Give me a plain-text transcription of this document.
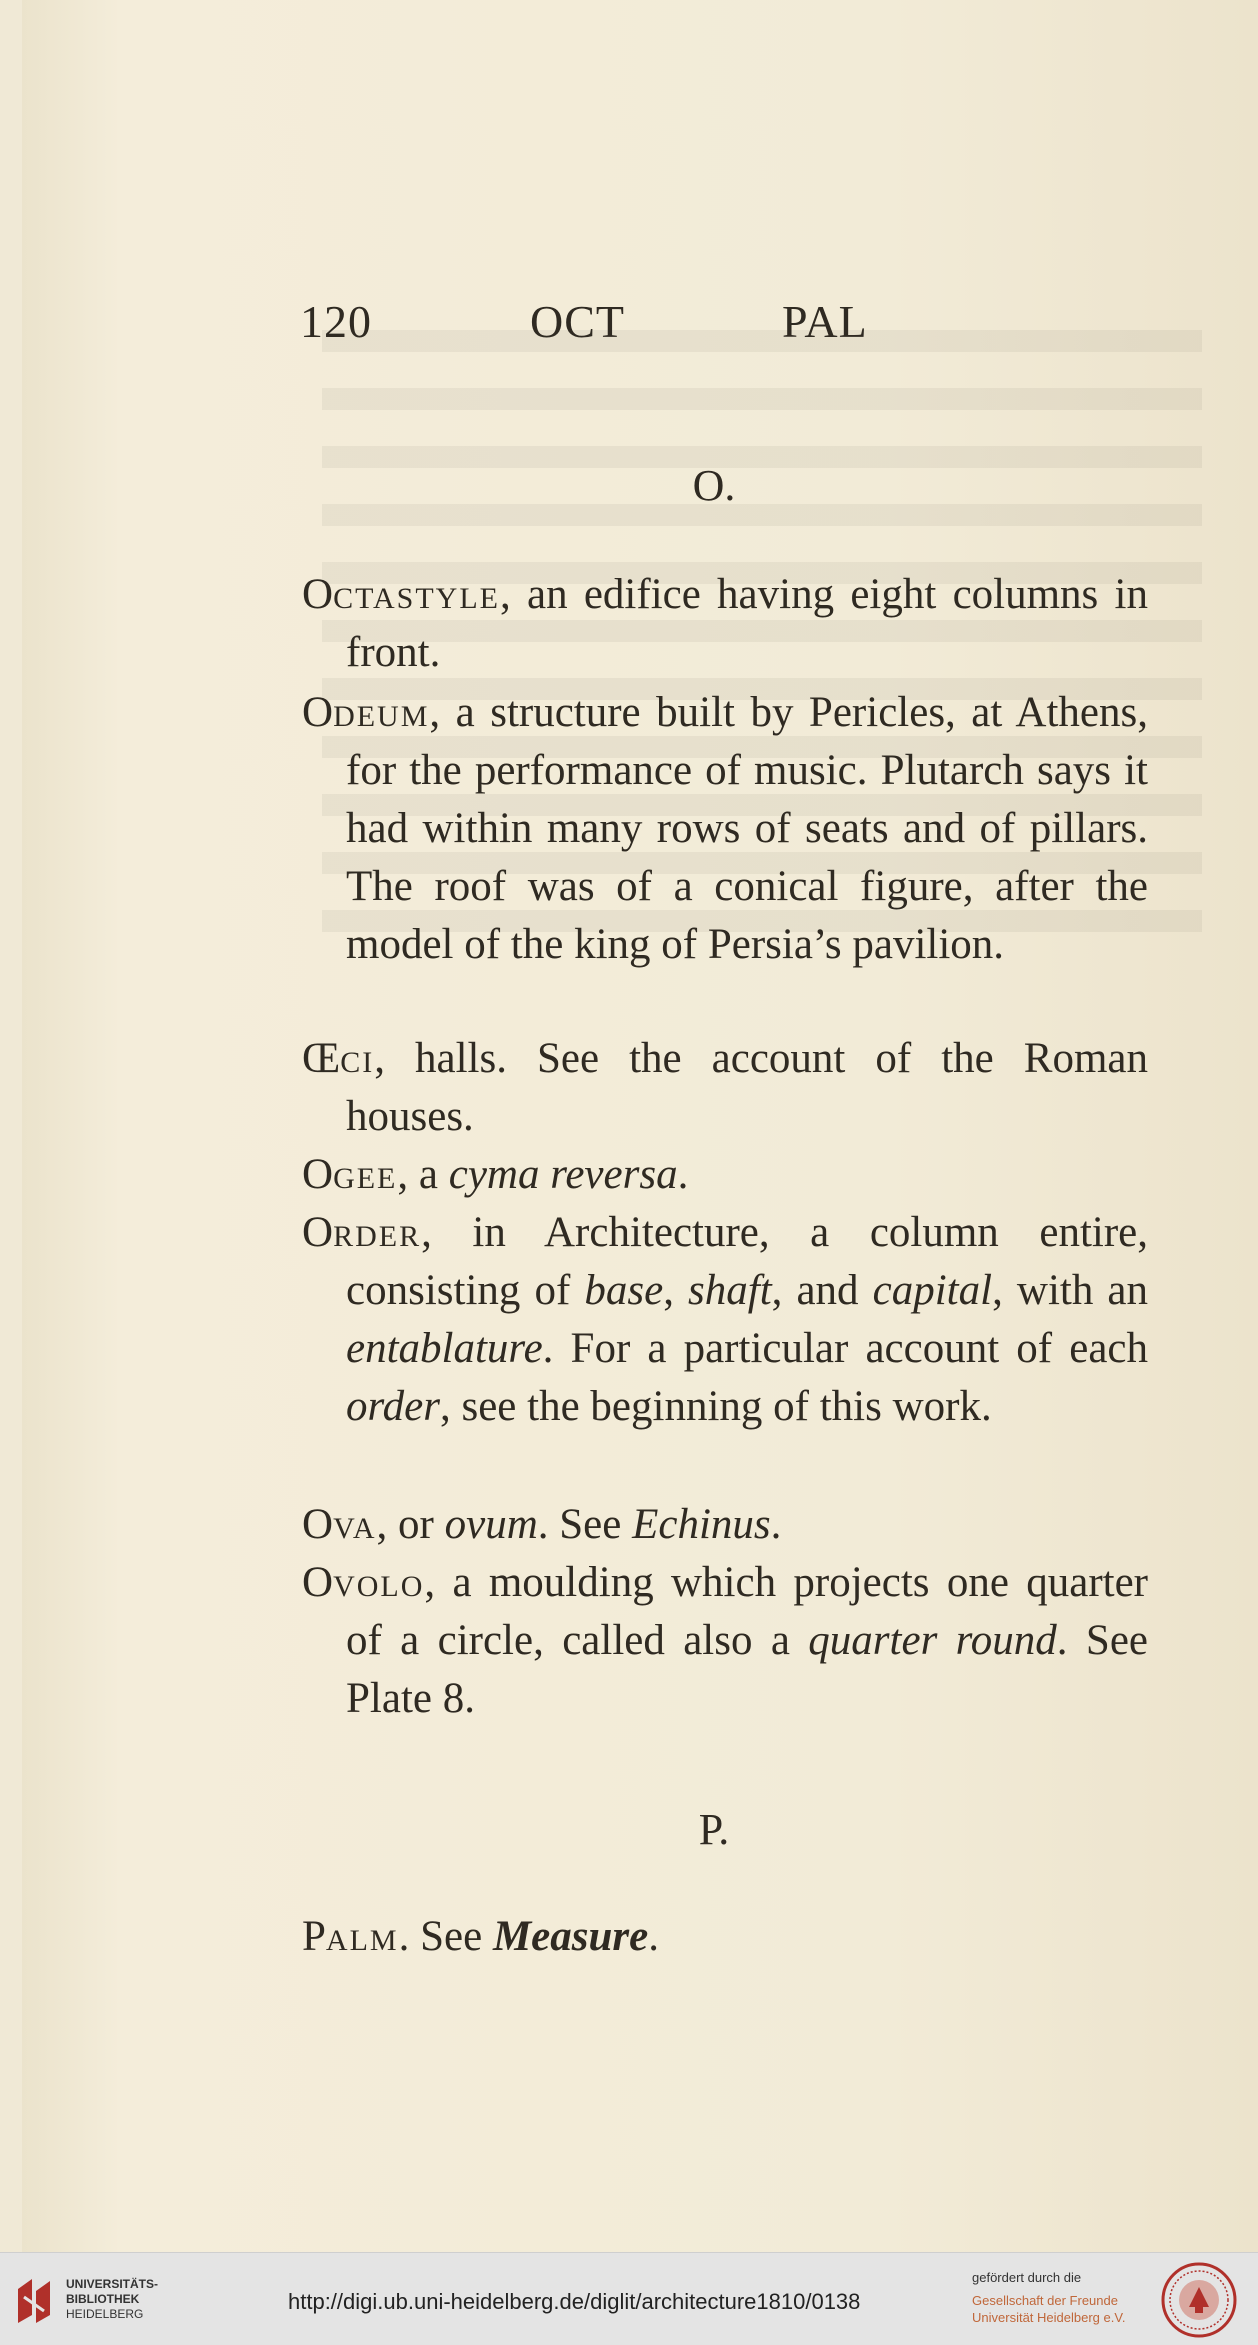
120	OCT	PAL
O.

Octastyle, an edifice having eight columns in front.

Odeum, a structure built by Pericles, at Athens, for the performance of music. Plutarch says it had within many rows of seats and of pillars. The roof was of a conical figure, after the model of the king of Persia’s pavilion.

Œci, halls. See the account of the Roman houses.

Ogee, a cyma reversa.

Order, in Architecture, a column entire, consisting of base, shaft, and capital, with an entablature. For a particular account of each order, see the beginning of this work.

Ova, or ovum. See Echinus.

Ovolo, a moulding which projects one quarter of a circle, called also a quarter round. See Plate 8.

P.

Palm. See Measure.

UNIVERSITÄTS-
BIBLIOTHEK
HEIDELBERG	http://digi.ub.uni-heidelberg.de/diglit/architecture1810/0138
gefördert durch die
Gesellschaft der Freunde
Universität Heidelberg e.V.
